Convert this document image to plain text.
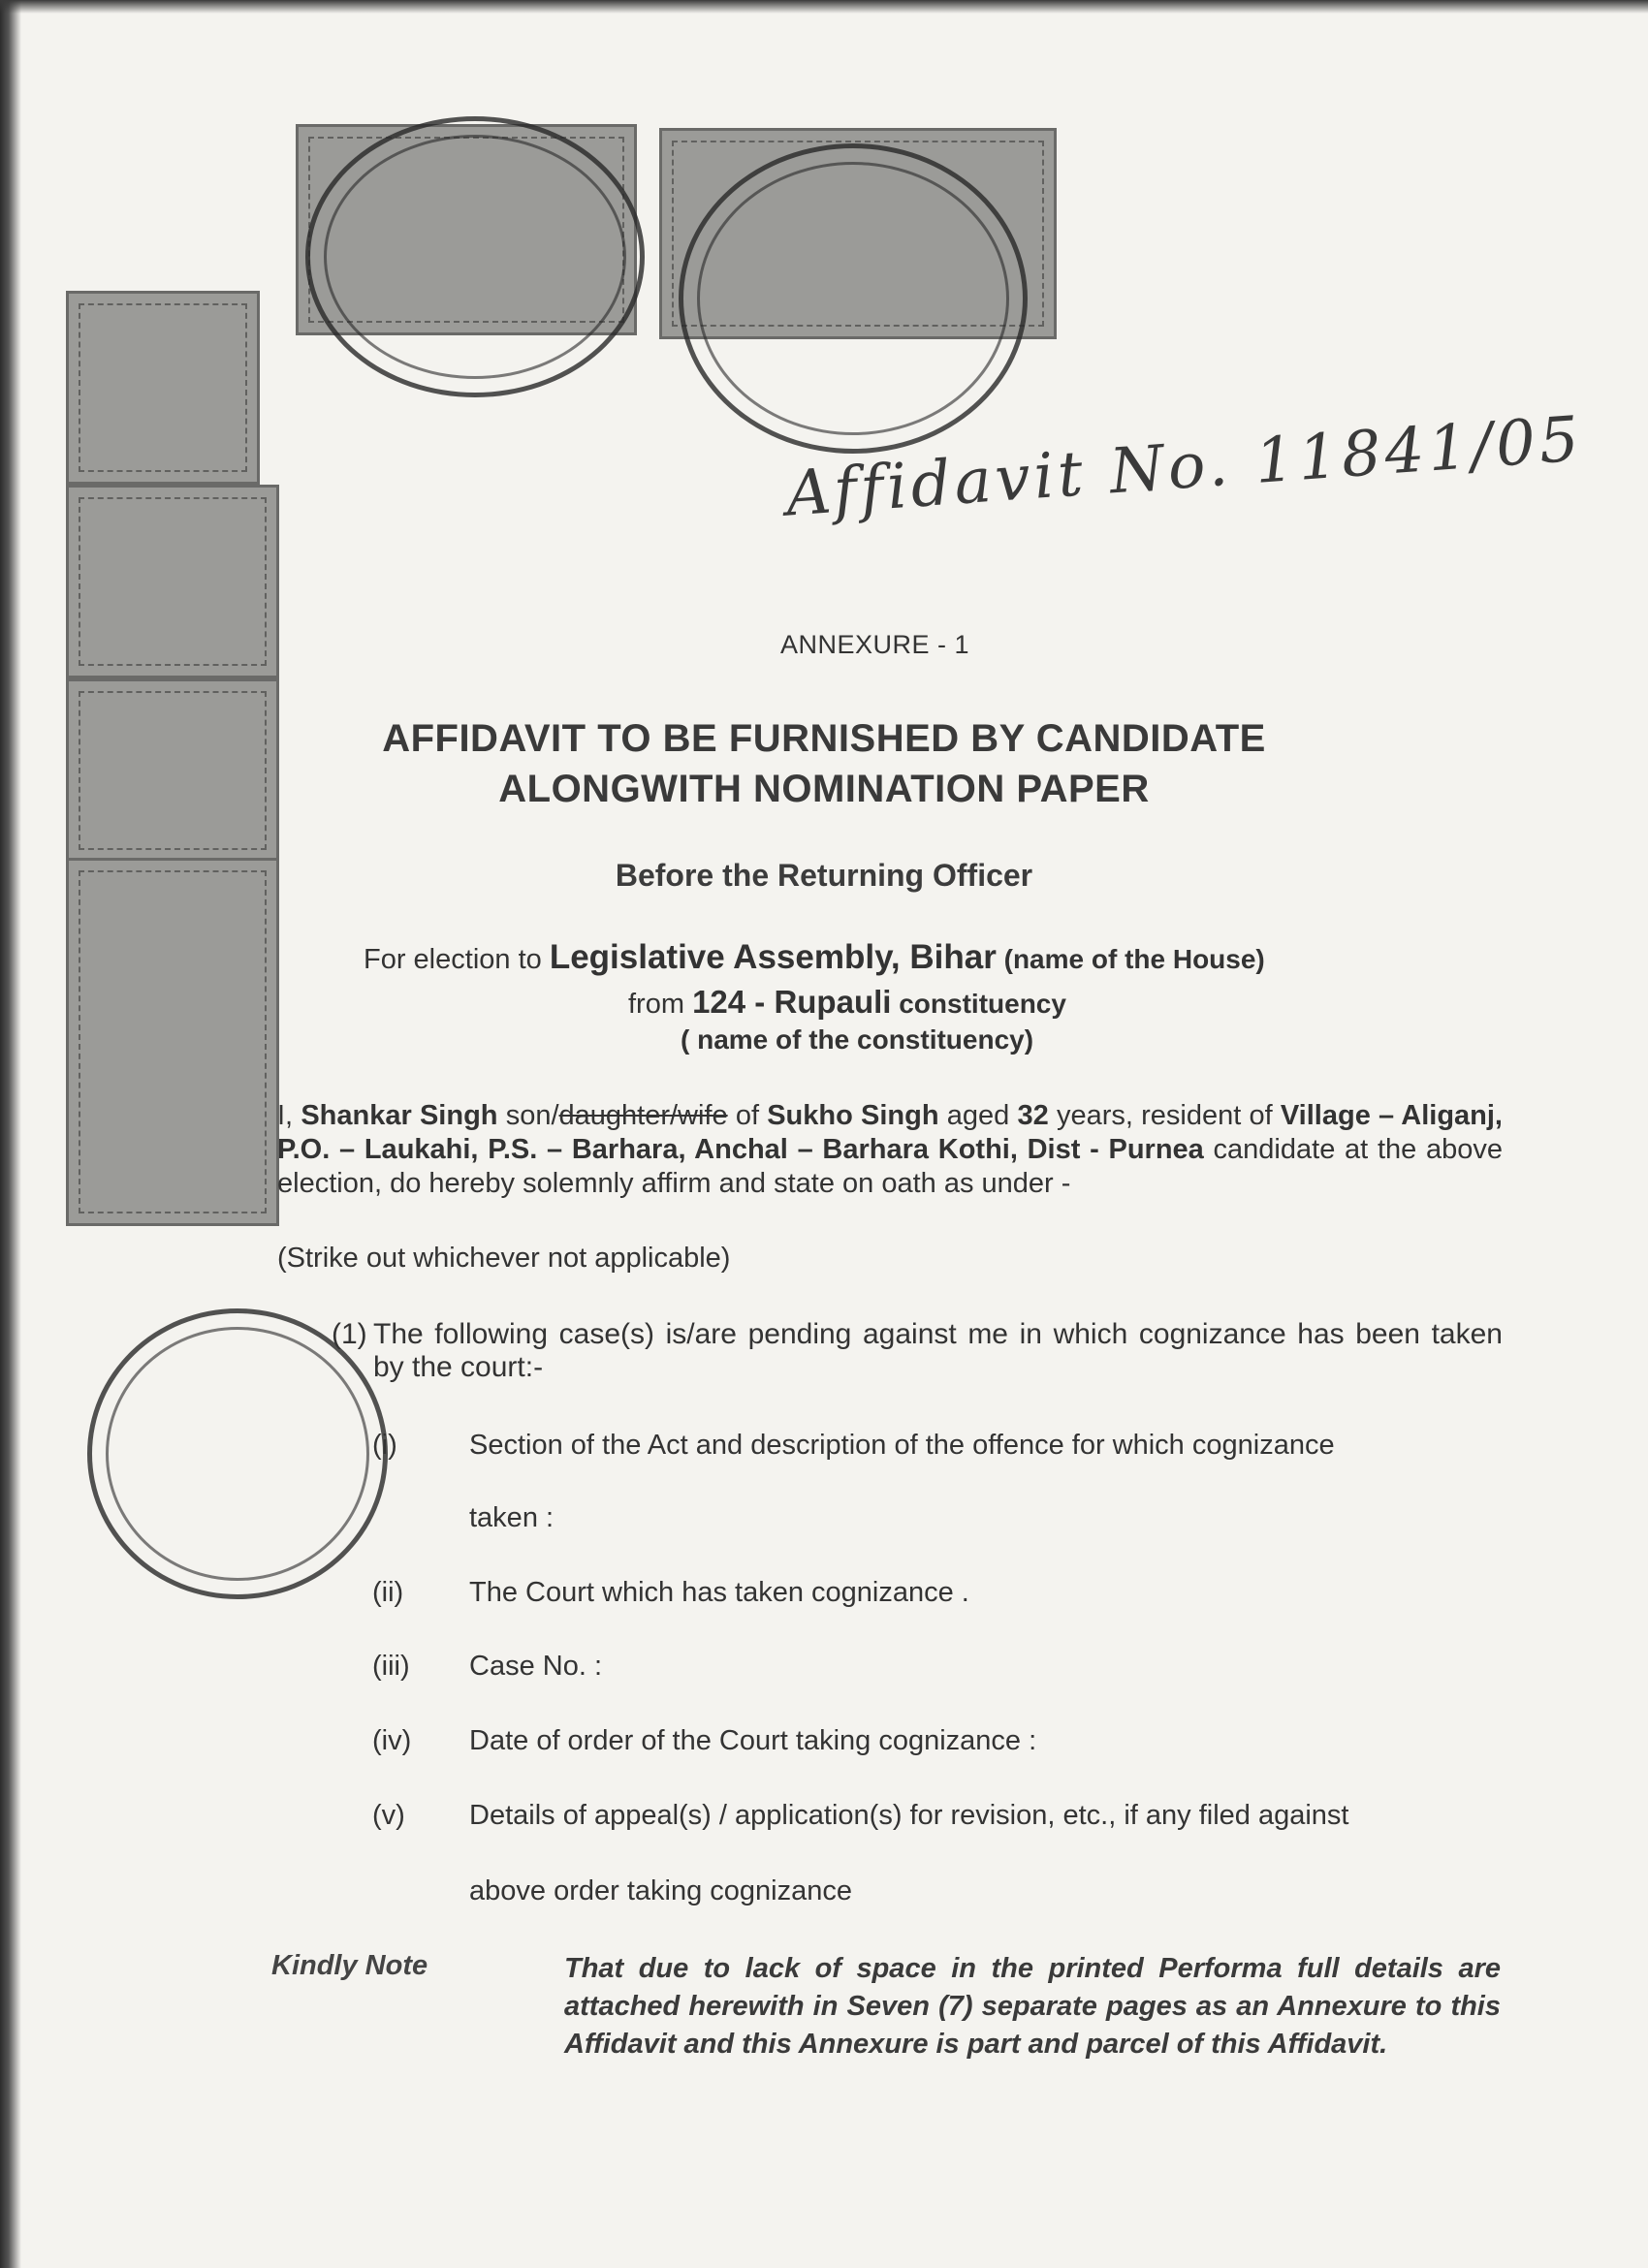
Affidavit No. 11841/05
ANNEXURE - 1
AFFIDAVIT TO BE FURNISHED BY CANDIDATE
ALONGWITH NOMINATION PAPER
Before the Returning Officer
For election to Legislative Assembly, Bihar (name of the House)
from 124 - Rupauli constituency
( name of the constituency)
I, Shankar Singh son/daughter/wife of Sukho Singh aged 32 years, resident of Village – Aliganj, P.O. – Laukahi, P.S. – Barhara, Anchal – Barhara Kothi, Dist - Purnea candidate at the above election, do hereby solemnly affirm and state on oath as under -
(Strike out whichever not applicable)
(1) The following case(s) is/are pending against me in which cognizance has been taken by the court:-
(i)	Section of the Act and description of the offence for which cognizance
taken :
(ii) The Court which has taken cognizance .
(iii) Case No. :
(iv) Date of order of the Court taking cognizance :
(v) Details of appeal(s) / application(s) for revision, etc., if any filed against
above order taking cognizance
Kindly Note	That due to lack of space in the printed Performa full details are attached herewith in Seven (7) separate pages as an Annexure to this Affidavit and this Annexure is part and parcel of this Affidavit.
